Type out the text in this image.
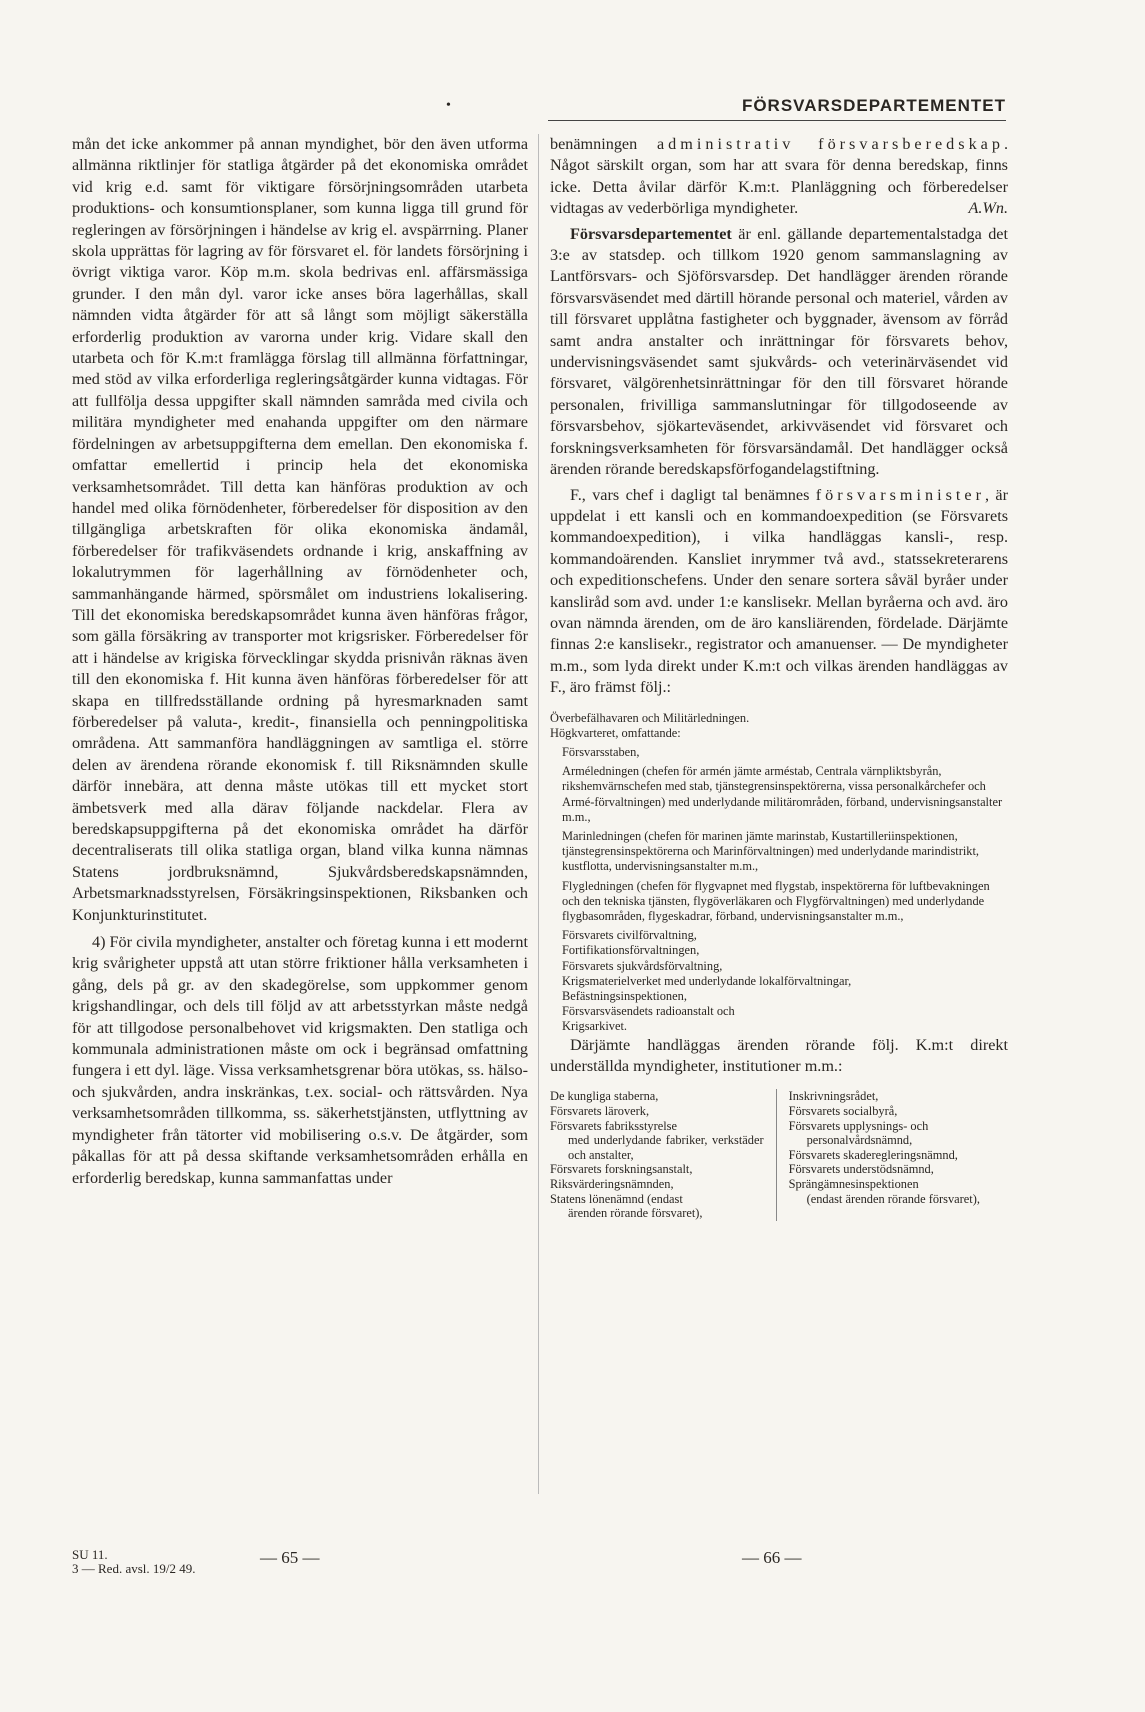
•	FÖRSVARSDEPARTEMENTET

mån det icke ankommer på annan myndighet, bör den även utforma allmänna riktlinjer för statliga åtgärder på det ekonomiska området vid krig e.d. samt för viktigare försörjningsområden utarbeta produktions- och konsumtionsplaner, som kunna ligga till grund för regleringen av försörjningen i händelse av krig el. avspärrning. Planer skola upprättas för lagring av för försvaret el. för landets försörjning i övrigt viktiga varor. Köp m.m. skola bedrivas enl. affärsmässiga grunder. I den mån dyl. varor icke anses böra lagerhållas, skall nämnden vidta åtgärder för att så långt som möjligt säkerställa erforderlig produktion av varorna under krig. Vidare skall den utarbeta och för K.m:t framlägga förslag till allmänna författningar, med stöd av vilka erforderliga regleringsåtgärder kunna vidtagas. För att fullfölja dessa uppgifter skall nämnden samråda med civila och militära myndigheter med enahanda uppgifter om den närmare fördelningen av arbetsuppgifterna dem emellan. Den ekonomiska f. omfattar emellertid i princip hela det ekonomiska verksamhetsområdet. Till detta kan hänföras produktion av och handel med olika förnödenheter, förberedelser för disposition av den tillgängliga arbetskraften för olika ekonomiska ändamål, förberedelser för trafikväsendets ordnande i krig, anskaffning av lokalutrymmen för lagerhållning av förnödenheter och, sammanhängande härmed, spörsmålet om industriens lokalisering. Till det ekonomiska beredskapsområdet kunna även hänföras frågor, som gälla försäkring av transporter mot krigsrisker. Förberedelser för att i händelse av krigiska förvecklingar skydda prisnivån räknas även till den ekonomiska f. Hit kunna även hänföras förberedelser för att skapa en tillfredsställande ordning på hyresmarknaden samt förberedelser på valuta-, kredit-, finansiella och penningpolitiska områdena. Att sammanföra handläggningen av samtliga el. större delen av ärendena rörande ekonomisk f. till Riksnämnden skulle därför innebära, att denna måste utökas till ett mycket stort ämbetsverk med alla därav följande nackdelar. Flera av beredskapsuppgifterna på det ekonomiska området ha därför decentraliserats till olika statliga organ, bland vilka kunna nämnas Statens jordbruksnämnd, Sjukvårdsberedskapsnämnden, Arbetsmarknadsstyrelsen, Försäkringsinspektionen, Riksbanken och Konjunkturinstitutet.

4) För civila myndigheter, anstalter och företag kunna i ett modernt krig svårigheter uppstå att utan större friktioner hålla verksamheten i gång, dels på gr. av den skadegörelse, som uppkommer genom krigshandlingar, och dels till följd av att arbetsstyrkan måste nedgå för att tillgodose personalbehovet vid krigsmakten. Den statliga och kommunala administrationen måste om ock i begränsad omfattning fungera i ett dyl. läge. Vissa verksamhetsgrenar böra utökas, ss. hälso- och sjukvården, andra inskränkas, t.ex. social- och rättsvården. Nya verksamhetsområden tillkomma, ss. säkerhetstjänsten, utflyttning av myndigheter från tätorter vid mobilisering o.s.v. De åtgärder, som påkallas för att på dessa skiftande verksamhetsområden erhålla en erforderlig beredskap, kunna sammanfattas under

benämningen administrativ försvarsberedskap. Något särskilt organ, som har att svara för denna beredskap, finns icke. Detta åvilar därför K.m:t. Planläggning och förberedelser vidtagas av vederbörliga myndigheter.	A.Wn.

Försvarsdepartementet är enl. gällande departementalstadga det 3:e av statsdep. och tillkom 1920 genom sammanslagning av Lantförsvars- och Sjöförsvarsdep. Det handlägger ärenden rörande försvarsväsendet med därtill hörande personal och materiel, vården av till försvaret upplåtna fastigheter och byggnader, ävensom av förråd samt andra anstalter och inrättningar för försvarets behov, undervisningsväsendet samt sjukvårds- och veterinärväsendet vid försvaret, välgörenhetsinrättningar för den till försvaret hörande personalen, frivilliga sammanslutningar för tillgodoseende av försvarsbehov, sjökarteväsendet, arkivväsendet vid försvaret och forskningsverksamheten för försvarsändamål. Det handlägger också ärenden rörande beredskapsförfogandelagstiftning.

F., vars chef i dagligt tal benämnes försvarsminister, är uppdelat i ett kansli och en kommandoexpedition (se Försvarets kommandoexpedition), i vilka handläggas kansli-, resp. kommandoärenden. Kansliet inrymmer två avd., statssekreterarens och expeditionschefens. Under den senare sortera såväl byråer under kansliråd som avd. under 1:e kanslisekr. Mellan byråerna och avd. äro ovan nämnda ärenden, om de äro kansliärenden, fördelade. Därjämte finnas 2:e kanslisekr., registrator och amanuenser. — De myndigheter m.m., som lyda direkt under K.m:t och vilkas ärenden handläggas av F., äro främst följ.:

Överbefälhavaren och Militärledningen.
Högkvarteret, omfattande:
Försvarsstaben,
Arméledningen (chefen för armén jämte arméstab, Centrala värnpliktsbyrån, rikshemvärnschefen med stab, tjänstegrensinspektörerna, vissa personalkårchefer och Armé-förvaltningen) med underlydande militärområden, förband, undervisningsanstalter m.m.,
Marinledningen (chefen för marinen jämte marinstab, Kustartilleriinspektionen, tjänstegrensinspektörerna och Marinförvaltningen) med underlydande marindistrikt, kustflotta, undervisningsanstalter m.m.,
Flygledningen (chefen för flygvapnet med flygstab, inspektörerna för luftbevakningen och den tekniska tjänsten, flygöverläkaren och Flygförvaltningen) med underlydande flygbasområden, flygeskadrar, förband, undervisningsanstalter m.m.,
Försvarets civilförvaltning,
Fortifikationsförvaltningen,
Försvarets sjukvårdsförvaltning,
Krigsmaterielverket med underlydande lokalförvaltningar,
Befästningsinspektionen,
Försvarsväsendets radioanstalt och
Krigsarkivet.

Därjämte handläggas ärenden rörande följ. K.m:t direkt underställda myndigheter, institutioner m.m.:

De kungliga staberna,
Försvarets läroverk,
Försvarets fabriksstyrelse
med underlydande fabriker, verkstäder och anstalter,
Försvarets forskningsanstalt,
Riksvärderingsnämnden,
Statens lönenämnd (endast
ärenden rörande försvaret),
Inskrivningsrådet,
Försvarets socialbyrå,
Försvarets upplysnings- och
personalvårdsnämnd,
Försvarets skaderegleringsnämnd,
Försvarets understödsnämnd,
Sprängämnesinspektionen
(endast ärenden rörande försvaret),
SU 11.
3 — Red. avsl. 19/2 49.
— 65 —	— 66 —
